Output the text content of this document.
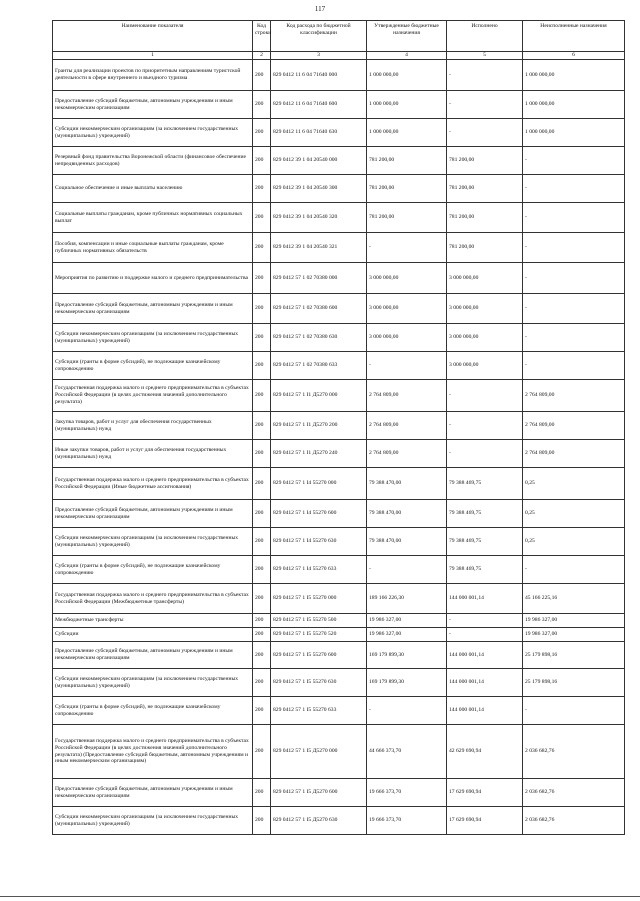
117
Наименование показателя	Код строки	Код расхода по бюджетной классификации	Утвержденные бюджетные назначения	Исполнено	Неисполненные назначения
1	2	3	4	5	6
Гранты для реализации проектов по приоритетным направлениям туристской деятельности в сфере внутреннего и въездного туризма	200	829 0412 11 6 04 71640 000	1 000 000,00	-	1 000 000,00
Предоставление субсидий бюджетным, автономным учреждениям и иным некоммерческим организациям	200	829 0412 11 6 04 71640 600	1 000 000,00	-	1 000 000,00
Субсидии некоммерческим организациям (за исключением государственных (муниципальных) учреждений)	200	829 0412 11 6 04 71640 630	1 000 000,00	-	1 000 000,00
Резервный фонд правительства Воронежской области (финансовое обеспечение непредвиденных расходов)	200	829 0412 39 1 04 20540 000	781 200,00	781 200,00	-
Социальное обеспечение и иные выплаты населению	200	829 0412 39 1 04 20540 300	781 200,00	781 200,00	-
Социальные выплаты гражданам, кроме публичных нормативных социальных выплат	200	829 0412 39 1 04 20540 320	781 200,00	781 200,00	-
Пособия, компенсации и иные социальные выплаты гражданам, кроме публичных нормативных обязательств	200	829 0412 39 1 04 20540 321	-	781 200,00	-
Мероприятия по развитию и поддержке малого и среднего предпринимательства	200	829 0412 57 1 02 70380 000	3 000 000,00	3 000 000,00	-
Предоставление субсидий бюджетным, автономным учреждениям и иным некоммерческим организациям	200	829 0412 57 1 02 70380 600	3 000 000,00	3 000 000,00	-
Субсидии некоммерческим организациям (за исключением государственных (муниципальных) учреждений)	200	829 0412 57 1 02 70380 630	3 000 000,00	3 000 000,00	-
Субсидии (гранты в форме субсидий), не подлежащие казначейскому сопровождению	200	829 0412 57 1 02 70380 633	-	3 000 000,00	-
Государственная поддержка малого и среднего предпринимательства в субъектах Российской Федерации (в целях достижения значений дополнительного результата)	200	829 0412 57 1 I1 Д5270 000	2 764 809,00	-	2 764 809,00
Закупка товаров, работ и услуг для обеспечения государственных (муниципальных) нужд	200	829 0412 57 1 I1 Д5270 200	2 764 809,00	-	2 764 809,00
Иные закупки товаров, работ и услуг для обеспечения государственных (муниципальных) нужд	200	829 0412 57 1 I1 Д5270 240	2 764 809,00	-	2 764 809,00
Государственная поддержка малого и среднего предпринимательства в субъектах Российской Федерации (Иные бюджетные ассигнования)	200	829 0412 57 1 I4 55270 000	79 388 470,00	79 388 469,75	0,25
Предоставление субсидий бюджетным, автономным учреждениям и иным некоммерческим организациям	200	829 0412 57 1 I4 55270 600	79 388 470,00	79 388 469,75	0,25
Субсидии некоммерческим организациям (за исключением государственных (муниципальных) учреждений)	200	829 0412 57 1 I4 55270 630	79 388 470,00	79 388 469,75	0,25
Субсидии (гранты в форме субсидий), не подлежащие казначейскому сопровождению	200	829 0412 57 1 I4 55270 633	-	79 388 469,75	-
Государственная поддержка малого и среднего предпринимательства в субъектах Российской Федерации (Межбюджетные трансферты)	200	829 0412 57 1 I5 55270 000	189 166 226,30	144 000 001,14	45 166 225,16
Межбюджетные трансферты	200	829 0412 57 1 I5 55270 500	19 986 327,00	-	19 986 327,00
Субсидии	200	829 0412 57 1 I5 55270 520	19 986 327,00	-	19 986 327,00
Предоставление субсидий бюджетным, автономным учреждениям и иным некоммерческим организациям	200	829 0412 57 1 I5 55270 600	169 179 899,30	144 000 001,14	25 179 898,16
Субсидии некоммерческим организациям (за исключением государственных (муниципальных) учреждений)	200	829 0412 57 1 I5 55270 630	169 179 899,30	144 000 001,14	25 179 898,16
Субсидии (гранты в форме субсидий), не подлежащие казначейскому сопровождению	200	829 0412 57 1 I5 55270 633	-	144 000 001,14	-
Государственная поддержка малого и среднего предпринимательства в субъектах Российской Федерации (в целях достижения значений дополнительного результата) (Предоставление субсидий бюджетным, автономным учреждениям и иным некоммерческим организациям)	200	829 0412 57 1 I5 Д5270 000	44 666 373,70	42 629 690,94	2 036 682,76
Предоставление субсидий бюджетным, автономным учреждениям и иным некоммерческим организациям	200	829 0412 57 1 I5 Д5270 600	19 666 373,70	17 629 690,94	2 036 682,76
Субсидии некоммерческим организациям (за исключением государственных (муниципальных) учреждений)	200	829 0412 57 1 I5 Д5270 630	19 666 373,70	17 629 690,94	2 036 682,76
